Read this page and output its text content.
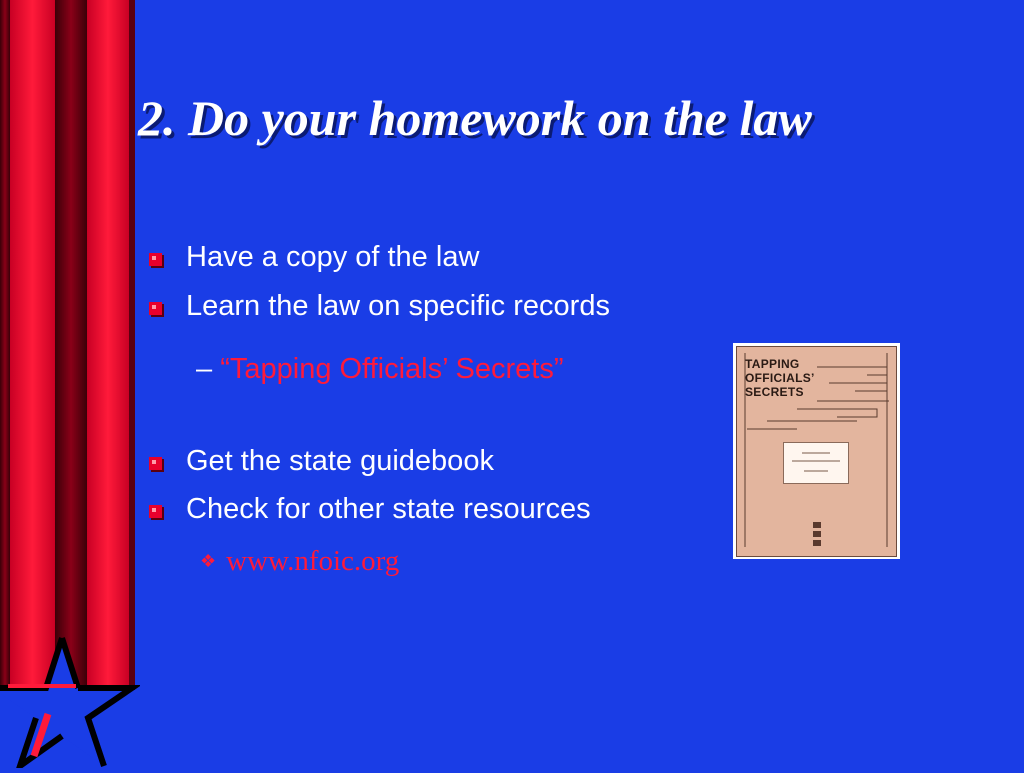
2. Do your homework on the law
Have a copy of the law
Learn the law on specific records
– “Tapping Officials’ Secrets”
Get the state guidebook
Check for other state resources
❖ www.nfoic.org
TAPPING
OFFICIALS’
SECRETS
